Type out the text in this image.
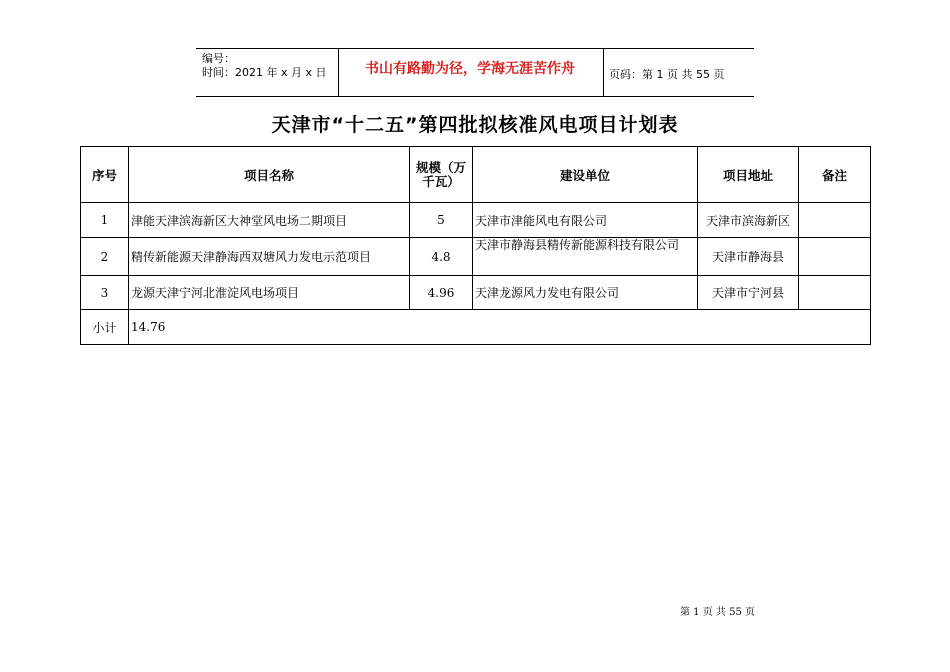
编号：
时间：2021 年 x 月 x 日	书山有路勤为径，学海无涯苦作舟	页码：第 1 页 共 55 页
天津市“十二五”第四批拟核准风电项目计划表
序号	项目名称	规模（万千瓦）	建设单位	项目地址	备注
1	津能天津滨海新区大神堂风电场二期项目	5	天津市津能风电有限公司	天津市滨海新区	
2	精传新能源天津静海西双塘风力发电示范项目	4.8	天津市静海县精传新能源科技有限公司	天津市静海县	
3	龙源天津宁河北淮淀风电场项目	4.96	天津龙源风力发电有限公司	天津市宁河县	
小计	14.76				
第 1 页 共 55 页
